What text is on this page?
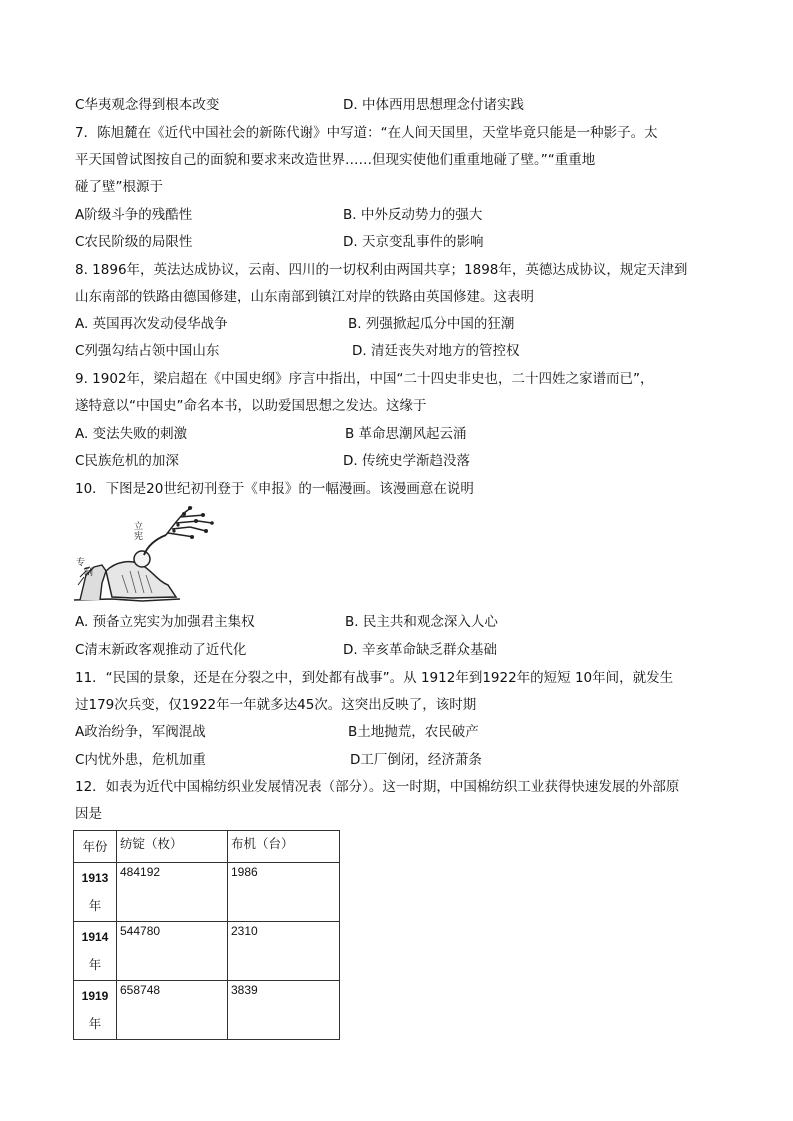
C华夷观念得到根本改变	D. 中体西用思想理念付诸实践
7．陈旭麓在《近代中国社会的新陈代谢》中写道：“在人间天国里，天堂毕竟只能是一种影子。太
平天国曾试图按自己的面貌和要求来改造世界‥‥‥但现实使他们重重地碰了壁。”“重重地
碰了壁”根源于
A阶级斗争的残酷性	B. 中外反动势力的强大
C农民阶级的局限性	D. 天京变乱事件的影响
8. 1896年，英法达成协议，云南、四川的一切权利由两国共享；1898年，英德达成协议，规定天津到
山东南部的铁路由德国修建，山东南部到镇江对岸的铁路由英国修建。这表明
A. 英国再次发动侵华战争	B. 列强掀起瓜分中国的狂潮
C列强勾结占领中国山东	D. 清廷丧失对地方的管控权
9. 1902年，梁启超在《中国史纲》序言中指出，中国“二十四史非史也，二十四姓之家谱而已”，
遂特意以“中国史”命名本书，以助爱国思想之发达。这缘于
A. 变法失败的刺激	B 革命思潮风起云涌
C民族危机的加深	D. 传统史学渐趋没落
10．下图是20世纪初刊登于《申报》的一幅漫画。该漫画意在说明
立 宪
专 制
A. 预备立宪实为加强君主集权	B. 民主共和观念深入人心
C清末新政客观推动了近代化	D. 辛亥革命缺乏群众基础
11．“民国的景象，还是在分裂之中，到处都有战事”。从 1912年到1922年的短短 10年间，就发生
过179次兵变，仅1922年一年就多达45次。这突出反映了，该时期
A政治纷争，军阀混战	B土地抛荒，农民破产
C内忧外患，危机加重	D工厂倒闭，经济萧条
12．如表为近代中国棉纺织业发展情况表（部分）。这一时期，中国棉纺织工业获得快速发展的外部原
因是
年份	纺锭（枚）	布机（台）

1913
年	484192	1986

1914
年	544780	2310

1919
年	658748	3839
